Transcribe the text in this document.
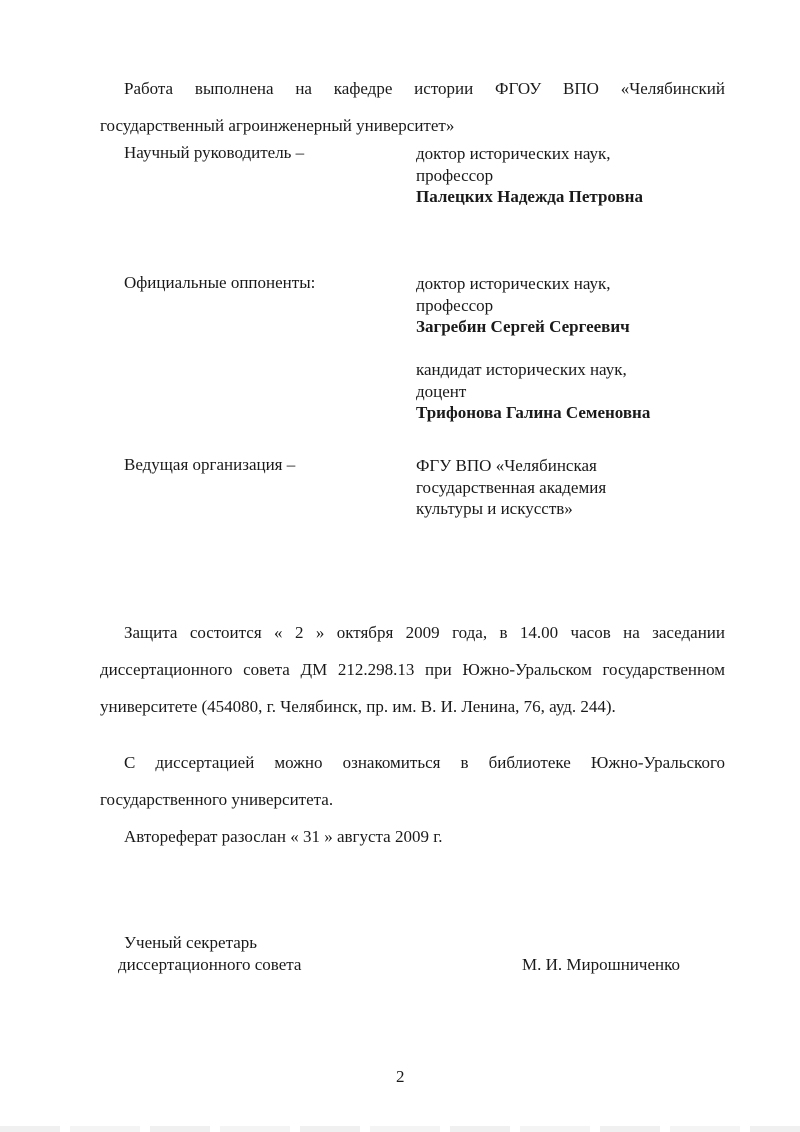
Работа выполнена на кафедре истории ФГОУ ВПО «Челябинский государственный агроинженерный университет»
Научный руководитель –	доктор исторических наук,
профессор
Палецких Надежда Петровна
Официальные оппоненты:	доктор исторических наук,
профессор
Загребин Сергей Сергеевич
кандидат исторических наук,
доцент
Трифонова Галина Семеновна
Ведущая организация –	ФГУ ВПО «Челябинская
государственная академия
культуры и искусств»
Защита состоится « 2 » октября 2009 года, в 14.00 часов на заседании диссертационного совета ДМ 212.298.13 при Южно-Уральском государственном университете (454080, г. Челябинск, пр. им. В. И. Ленина, 76, ауд. 244).
С диссертацией можно ознакомиться в библиотеке Южно-Уральского государственного университета.
Автореферат разослан « 31 » августа 2009 г.
Ученый секретарь
диссертационного совета	М. И. Мирошниченко
2
